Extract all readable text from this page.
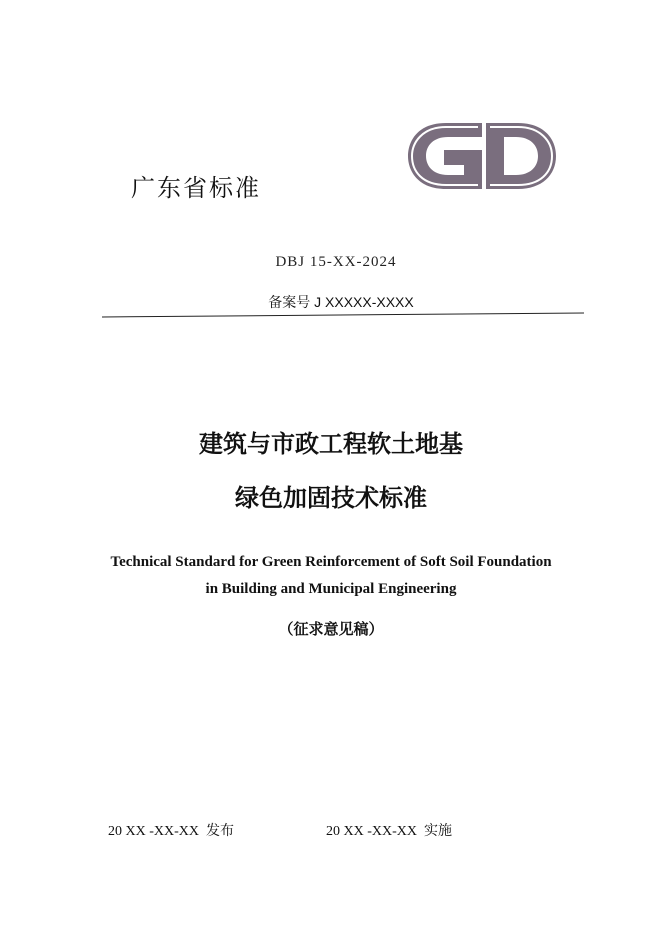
广东省标准
DBJ 15-XX-2024
备案号 J XXXXX-XXXX
建筑与市政工程软土地基
绿色加固技术标准
Technical Standard for Green Reinforcement of Soft Soil Foundation
in Building and Municipal Engineering
（征求意见稿）
20 XX -XX-XX 发布	20 XX -XX-XX 实施
